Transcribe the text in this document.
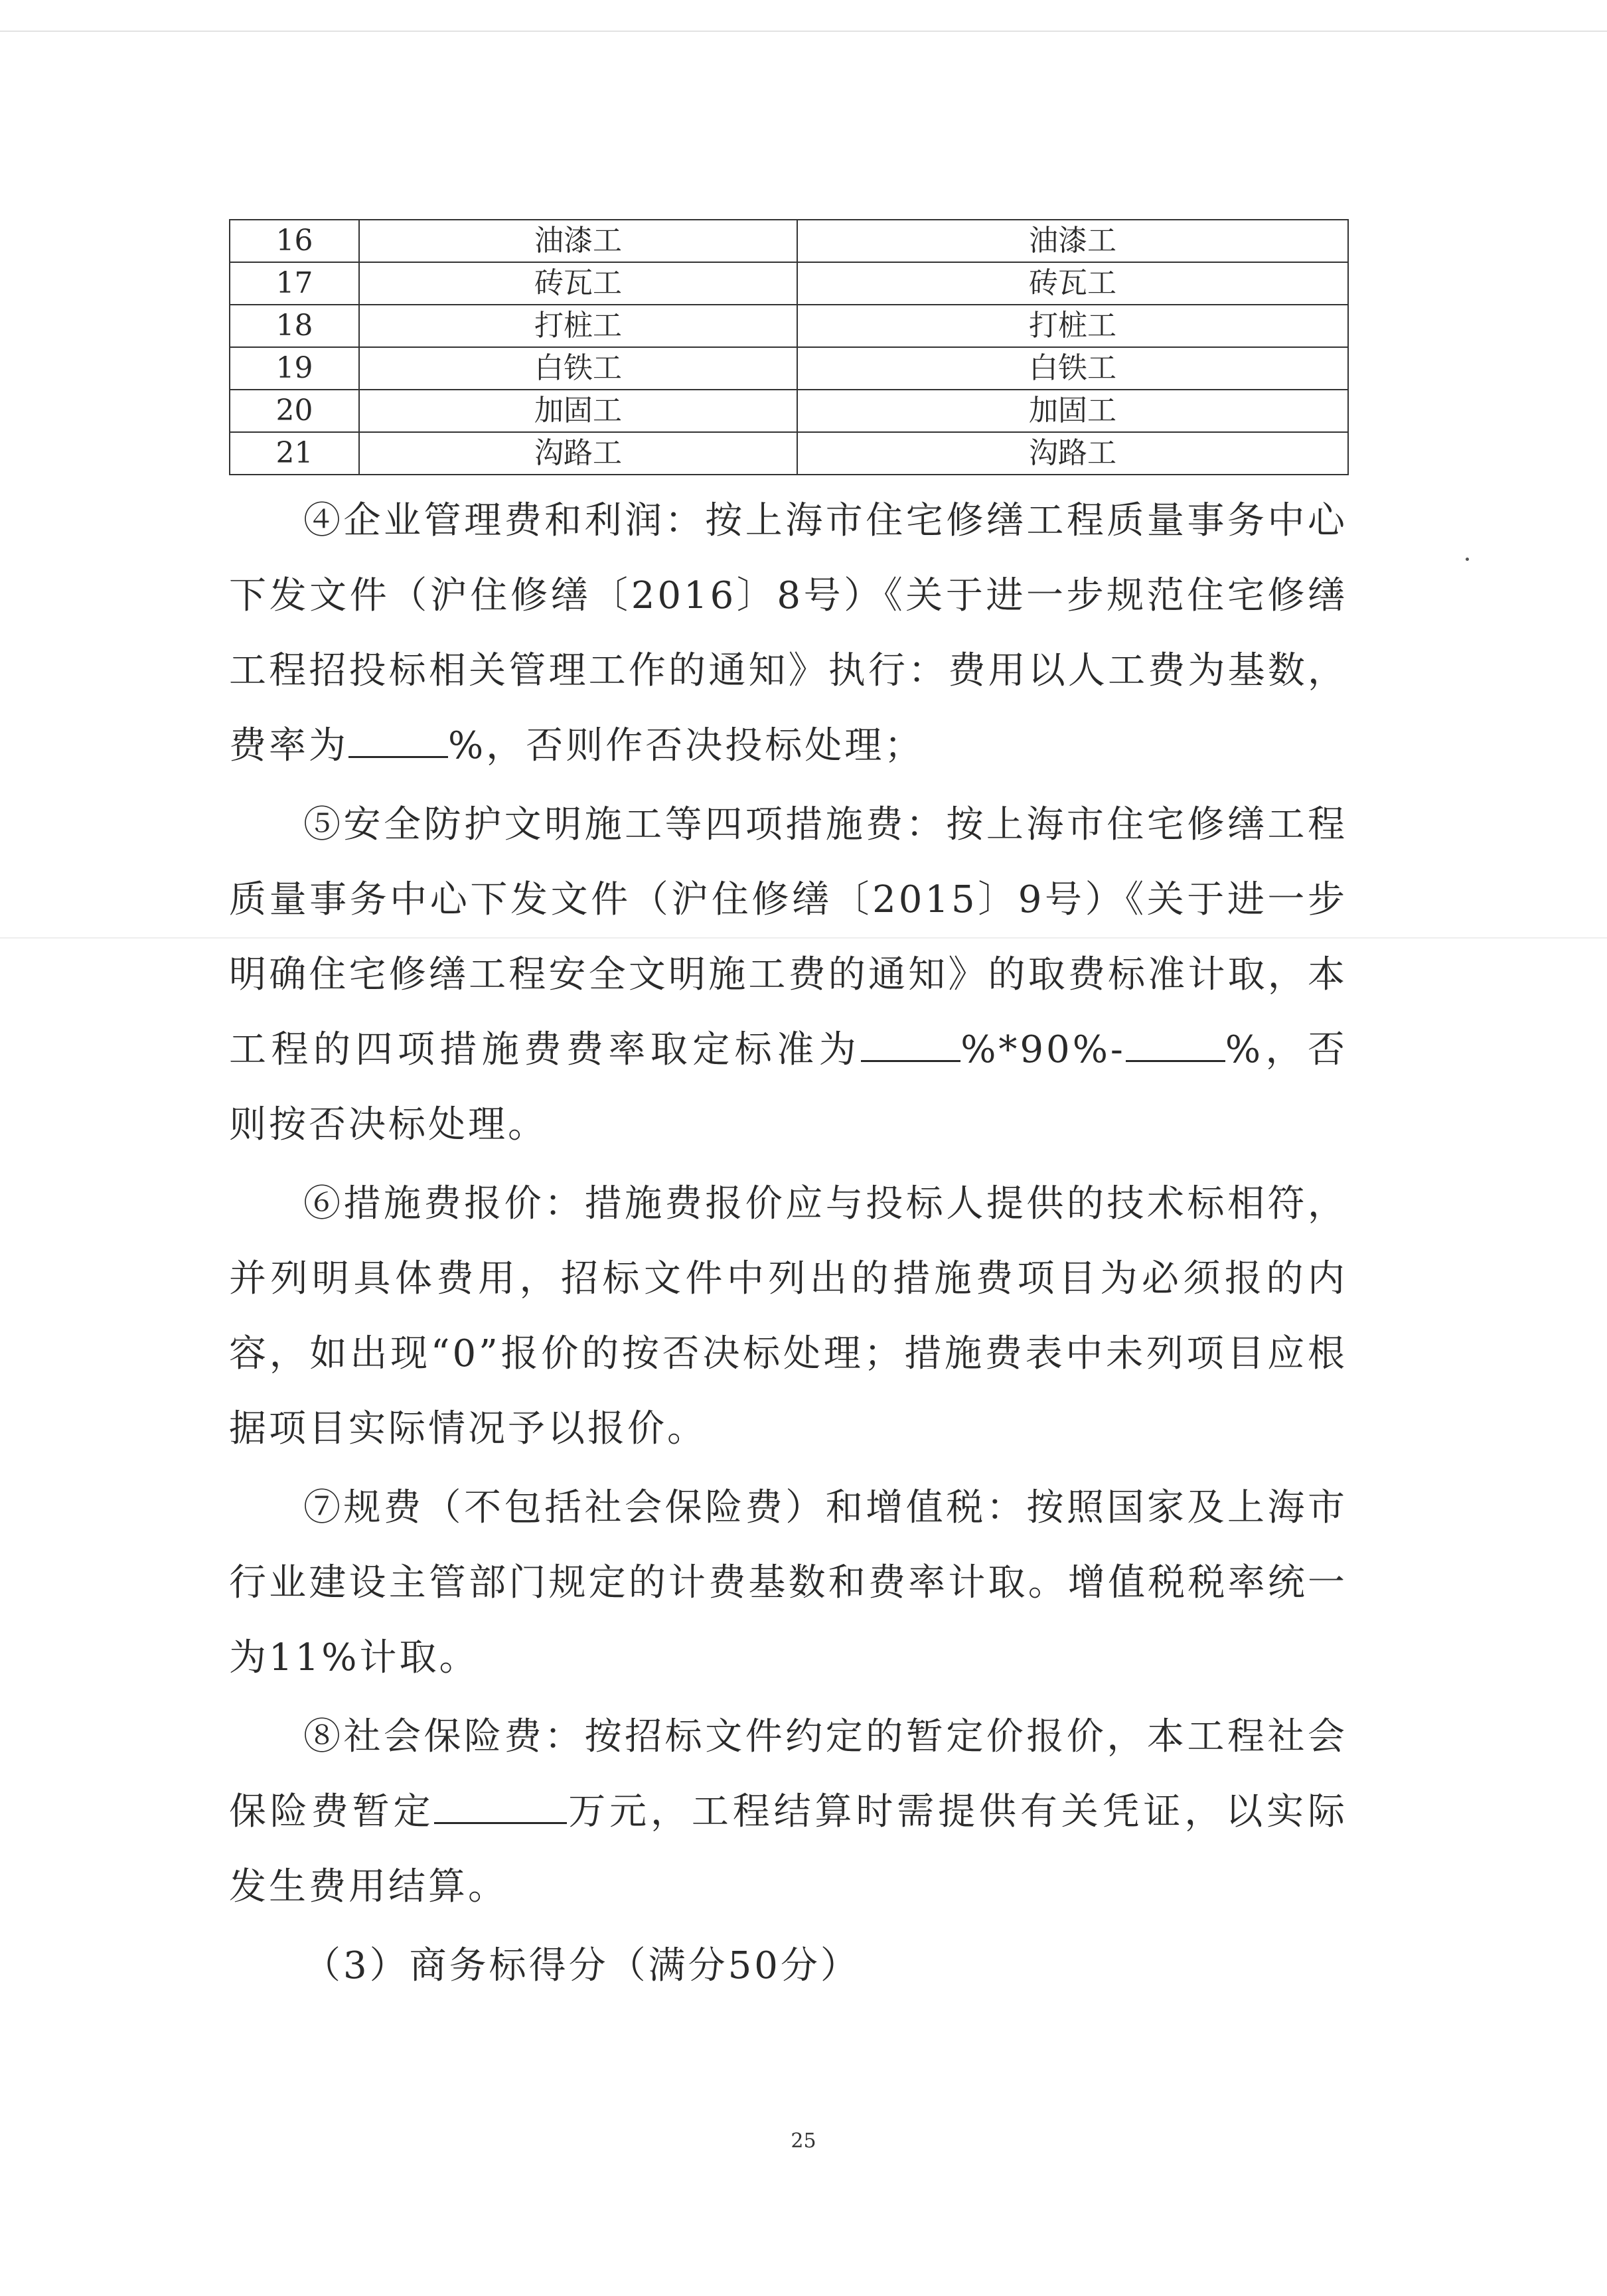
16	油漆工	油漆工
17	砖瓦工	砖瓦工
18	打桩工	打桩工
19	白铁工	白铁工
20	加固工	加固工
21	沟路工	沟路工

④企业管理费和利润：按上海市住宅修缮工程质量事务中心下发文件（沪住修缮〔2016〕8号）《关于进一步规范住宅修缮工程招投标相关管理工作的通知》执行：费用以人工费为基数，费率为	%，否则作否决投标处理；

⑤安全防护文明施工等四项措施费：按上海市住宅修缮工程质量事务中心下发文件（沪住修缮〔2015〕9号）《关于进一步明确住宅修缮工程安全文明施工费的通知》的取费标准计取，本工程的四项措施费费率取定标准为	%*90%-	%，否则按否决标处理。

⑥措施费报价：措施费报价应与投标人提供的技术标相符，并列明具体费用，招标文件中列出的措施费项目为必须报的内容，如出现“0”报价的按否决标处理；措施费表中未列项目应根据项目实际情况予以报价。

⑦规费（不包括社会保险费）和增值税：按照国家及上海市行业建设主管部门规定的计费基数和费率计取。增值税税率统一为11%计取。

⑧社会保险费：按招标文件约定的暂定价报价，本工程社会保险费暂定	万元，工程结算时需提供有关凭证，以实际发生费用结算。

（3）商务标得分（满分50分）

25
